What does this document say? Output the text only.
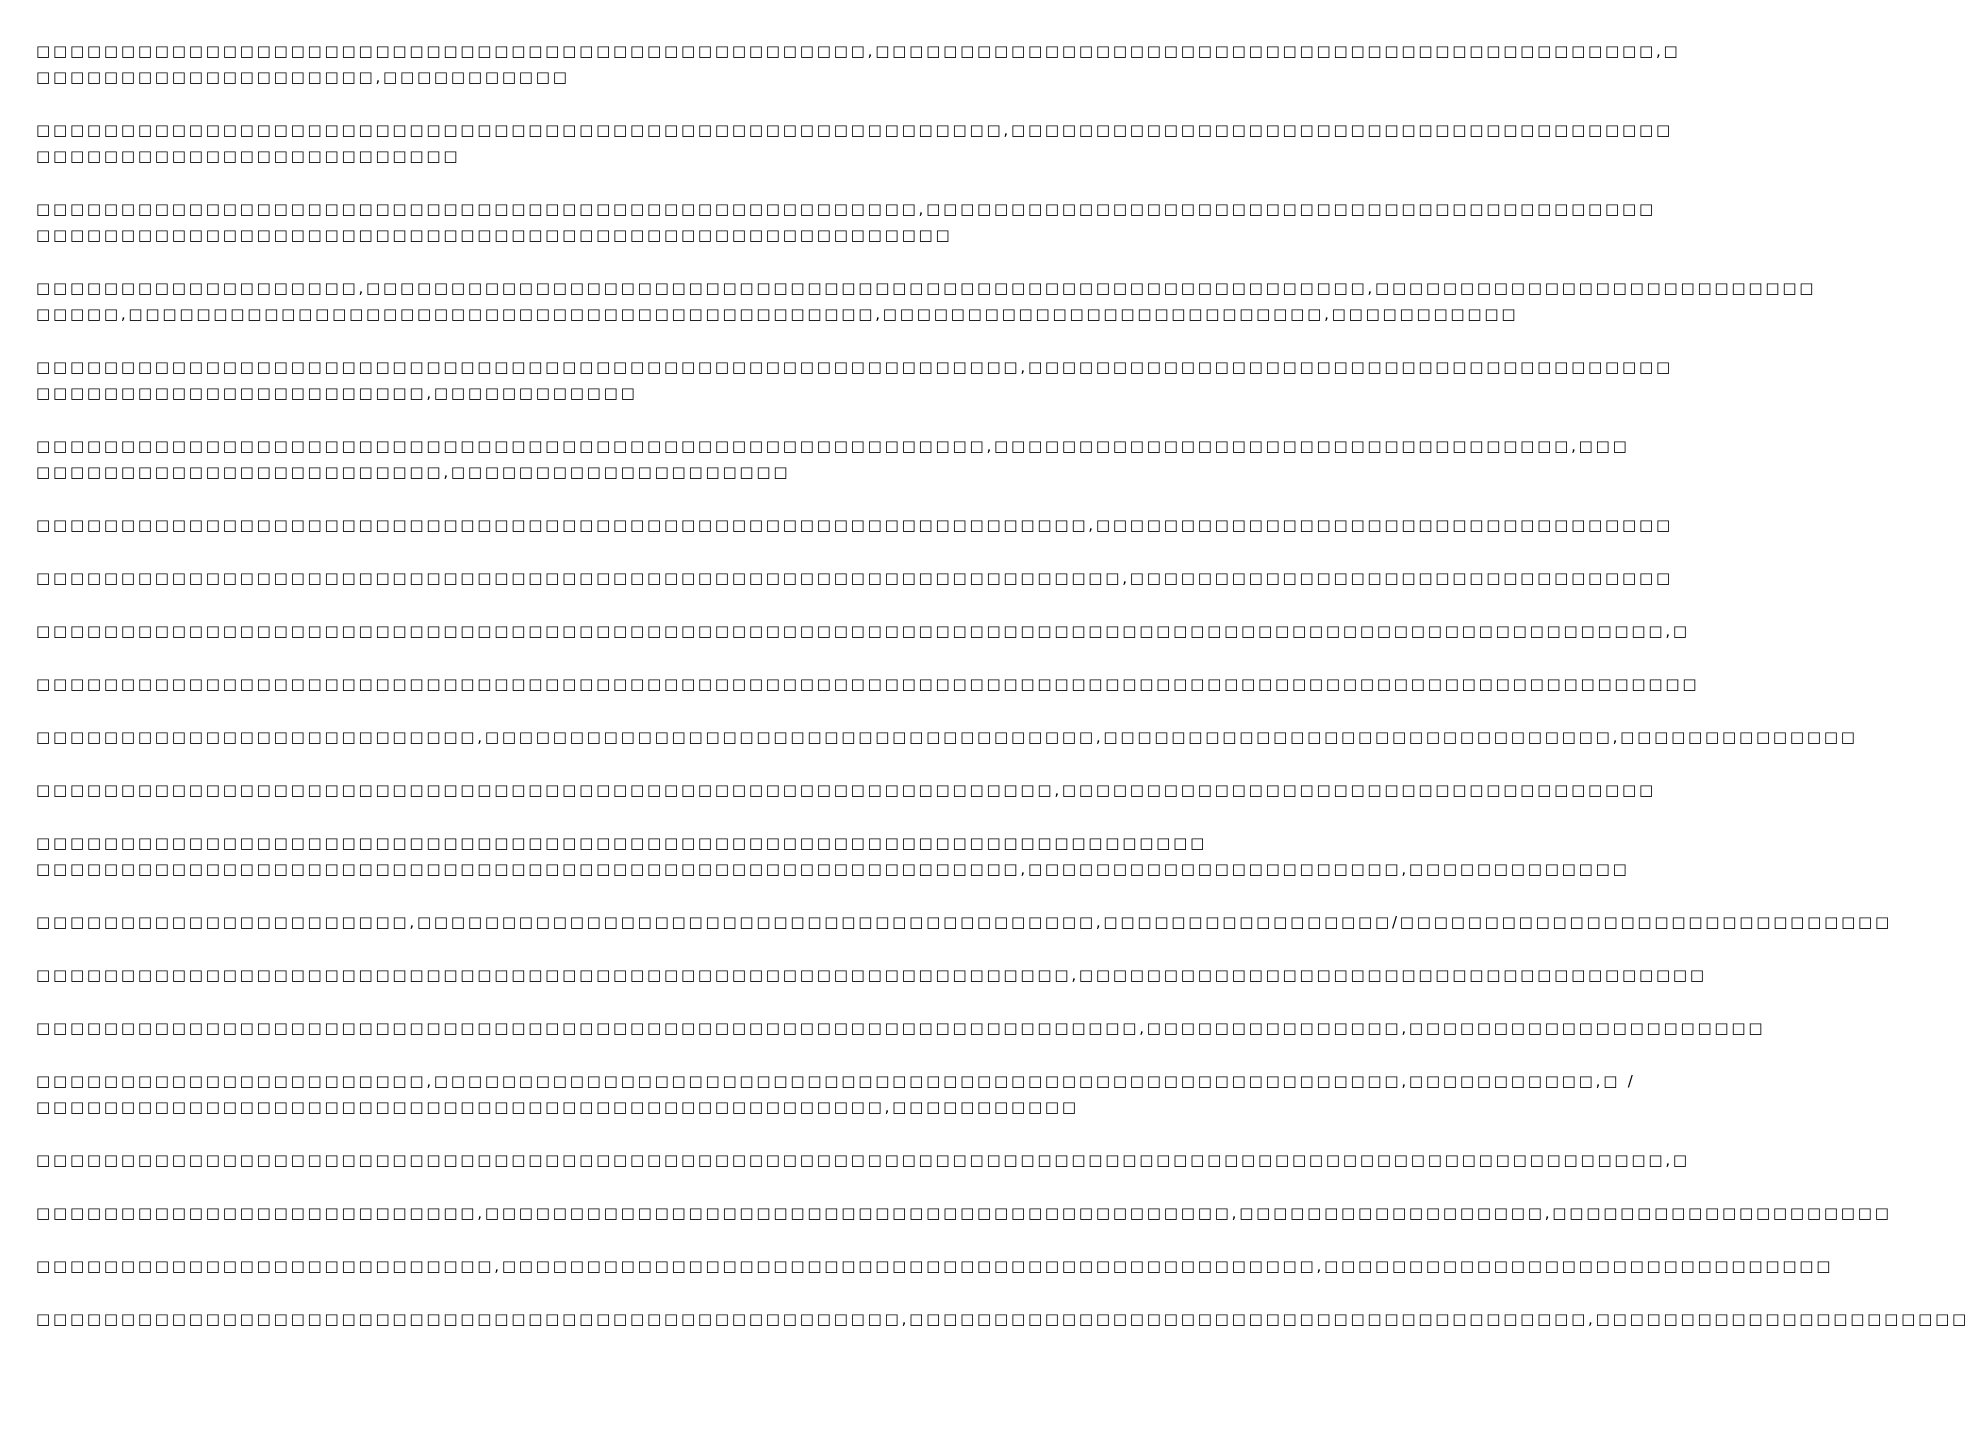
□□□□□□□□□□□□□□□□□□□□□□□□□□□□□□□□□□□□□□□□□□□□□□□□□,□□□□□□□□□□□□□□□□□□□□□□□□□□□□□□□□□□□□□□□□□□□□□□,□
□□□□□□□□□□□□□□□□□□□□,□□□□□□□□□□□
□□□□□□□□□□□□□□□□□□□□□□□□□□□□□□□□□□□□□□□□□□□□□□□□□□□□□□□□□,□□□□□□□□□□□□□□□□□□□□□□□□□□□□□□□□□□□□□□□
□□□□□□□□□□□□□□□□□□□□□□□□□
□□□□□□□□□□□□□□□□□□□□□□□□□□□□□□□□□□□□□□□□□□□□□□□□□□□□,□□□□□□□□□□□□□□□□□□□□□□□□□□□□□□□□□□□□□□□□□□□
□□□□□□□□□□□□□□□□□□□□□□□□□□□□□□□□□□□□□□□□□□□□□□□□□□□□□□
□□□□□□□□□□□□□□□□□□□,□□□□□□□□□□□□□□□□□□□□□□□□□□□□□□□□□□□□□□□□□□□□□□□□□□□□□□□□□□□,□□□□□□□□□□□□□□□□□□□□□□□□□□
□□□□□,□□□□□□□□□□□□□□□□□□□□□□□□□□□□□□□□□□□□□□□□□□□□,□□□□□□□□□□□□□□□□□□□□□□□□□□,□□□□□□□□□□□
□□□□□□□□□□□□□□□□□□□□□□□□□□□□□□□□□□□□□□□□□□□□□□□□□□□□□□□□□□,□□□□□□□□□□□□□□□□□□□□□□□□□□□□□□□□□□□□□□
□□□□□□□□□□□□□□□□□□□□□□□,□□□□□□□□□□□□
□□□□□□□□□□□□□□□□□□□□□□□□□□□□□□□□□□□□□□□□□□□□□□□□□□□□□□□□,□□□□□□□□□□□□□□□□□□□□□□□□□□□□□□□□□□,□□□
□□□□□□□□□□□□□□□□□□□□□□□□,□□□□□□□□□□□□□□□□□□□□
□□□□□□□□□□□□□□□□□□□□□□□□□□□□□□□□□□□□□□□□□□□□□□□□□□□□□□□□□□□□□□,□□□□□□□□□□□□□□□□□□□□□□□□□□□□□□□□□□
□□□□□□□□□□□□□□□□□□□□□□□□□□□□□□□□□□□□□□□□□□□□□□□□□□□□□□□□□□□□□□□□,□□□□□□□□□□□□□□□□□□□□□□□□□□□□□□□□
□□□□□□□□□□□□□□□□□□□□□□□□□□□□□□□□□□□□□□□□□□□□□□□□□□□□□□□□□□□□□□□□□□□□□□□□□□□□□□□□□□□□□□□□□□□□□□□□,□
□□□□□□□□□□□□□□□□□□□□□□□□□□□□□□□□□□□□□□□□□□□□□□□□□□□□□□□□□□□□□□□□□□□□□□□□□□□□□□□□□□□□□□□□□□□□□□□□□□
□□□□□□□□□□□□□□□□□□□□□□□□□□,□□□□□□□□□□□□□□□□□□□□□□□□□□□□□□□□□□□□,□□□□□□□□□□□□□□□□□□□□□□□□□□□□□□,□□□□□□□□□□□□□□
□□□□□□□□□□□□□□□□□□□□□□□□□□□□□□□□□□□□□□□□□□□□□□□□□□□□□□□□□□□□,□□□□□□□□□□□□□□□□□□□□□□□□□□□□□□□□□□□
□□□□□□□□□□□□□□□□□□□□□□□□□□□□□□□□□□□□□□□□□□□□□□□□□□□□□□□□□□□□□□□□□□□□□
□□□□□□□□□□□□□□□□□□□□□□□□□□□□□□□□□□□□□□□□□□□□□□□□□□□□□□□□□□,□□□□□□□□□□□□□□□□□□□□□□,□□□□□□□□□□□□□
□□□□□□□□□□□□□□□□□□□□□□,□□□□□□□□□□□□□□□□□□□□□□□□□□□□□□□□□□□□□□□□,□□□□□□□□□□□□□□□□□/□□□□□□□□□□□□□□□□□□□□□□□□□□□□□
□□□□□□□□□□□□□□□□□□□□□□□□□□□□□□□□□□□□□□□□□□□□□□□□□□□□□□□□□□□□□,□□□□□□□□□□□□□□□□□□□□□□□□□□□□□□□□□□□□□
□□□□□□□□□□□□□□□□□□□□□□□□□□□□□□□□□□□□□□□□□□□□□□□□□□□□□□□□□□□□□□□□□,□□□□□□□□□□□□□□□,□□□□□□□□□□□□□□□□□□□□□
□□□□□□□□□□□□□□□□□□□□□□□,□□□□□□□□□□□□□□□□□□□□□□□□□□□□□□□□□□□□□□□□□□□□□□□□□□□□□□□□□,□□□□□□□□□□□,□ /
□□□□□□□□□□□□□□□□□□□□□□□□□□□□□□□□□□□□□□□□□□□□□□□□□□,□□□□□□□□□□□
□□□□□□□□□□□□□□□□□□□□□□□□□□□□□□□□□□□□□□□□□□□□□□□□□□□□□□□□□□□□□□□□□□□□□□□□□□□□□□□□□□□□□□□□□□□□□□□□,□
□□□□□□□□□□□□□□□□□□□□□□□□□□,□□□□□□□□□□□□□□□□□□□□□□□□□□□□□□□□□□□□□□□□□□□□,□□□□□□□□□□□□□□□□□□,□□□□□□□□□□□□□□□□□□□□
□□□□□□□□□□□□□□□□□□□□□□□□□□□,□□□□□□□□□□□□□□□□□□□□□□□□□□□□□□□□□□□□□□□□□□□□□□□□,□□□□□□□□□□□□□□□□□□□□□□□□□□□□□□
□□□□□□□□□□□□□□□□□□□□□□□□□□□□□□□□□□□□□□□□□□□□□□□□□□□,□□□□□□□□□□□□□□□□□□□□□□□□□□□□□□□□□□□□□□□□,□□□□□□□□□□□□□□□□□□□□□□
